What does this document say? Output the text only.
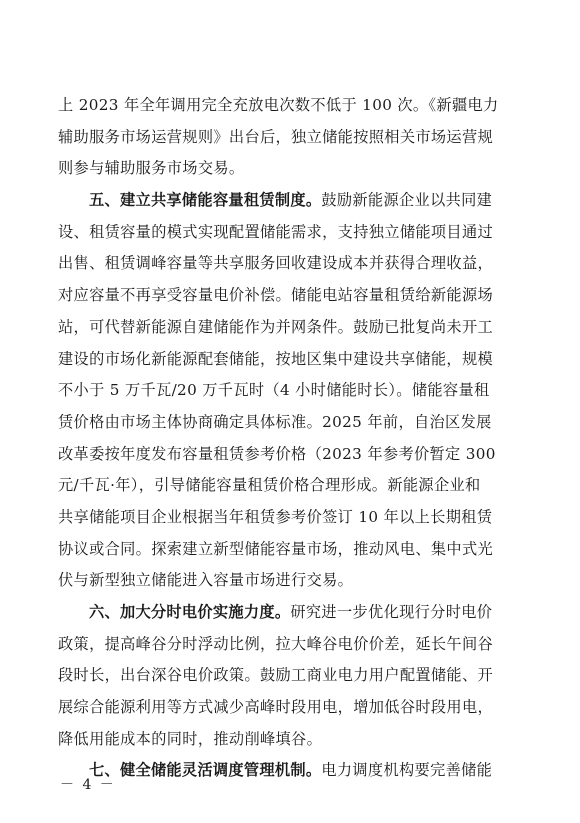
上 2023 年全年调用完全充放电次数不低于 100 次。《新疆电力
辅助服务市场运营规则》出台后，独立储能按照相关市场运营规
则参与辅助服务市场交易。
五、建立共享储能容量租赁制度。鼓励新能源企业以共同建
设、租赁容量的模式实现配置储能需求，支持独立储能项目通过
出售、租赁调峰容量等共享服务回收建设成本并获得合理收益，
对应容量不再享受容量电价补偿。储能电站容量租赁给新能源场
站，可代替新能源自建储能作为并网条件。鼓励已批复尚未开工
建设的市场化新能源配套储能，按地区集中建设共享储能，规模
不小于 5 万千瓦/20 万千瓦时（4 小时储能时长）。储能容量租
赁价格由市场主体协商确定具体标准。2025 年前，自治区发展
改革委按年度发布容量租赁参考价格（2023 年参考价暂定 300
元/千瓦·年），引导储能容量租赁价格合理形成。新能源企业和
共享储能项目企业根据当年租赁参考价签订 10 年以上长期租赁
协议或合同。探索建立新型储能容量市场，推动风电、集中式光
伏与新型独立储能进入容量市场进行交易。
六、加大分时电价实施力度。研究进一步优化现行分时电价
政策，提高峰谷分时浮动比例，拉大峰谷电价价差，延长午间谷
段时长，出台深谷电价政策。鼓励工商业电力用户配置储能、开
展综合能源利用等方式减少高峰时段用电，增加低谷时段用电，
降低用能成本的同时，推动削峰填谷。
七、健全储能灵活调度管理机制。电力调度机构要完善储能
－ 4 －
